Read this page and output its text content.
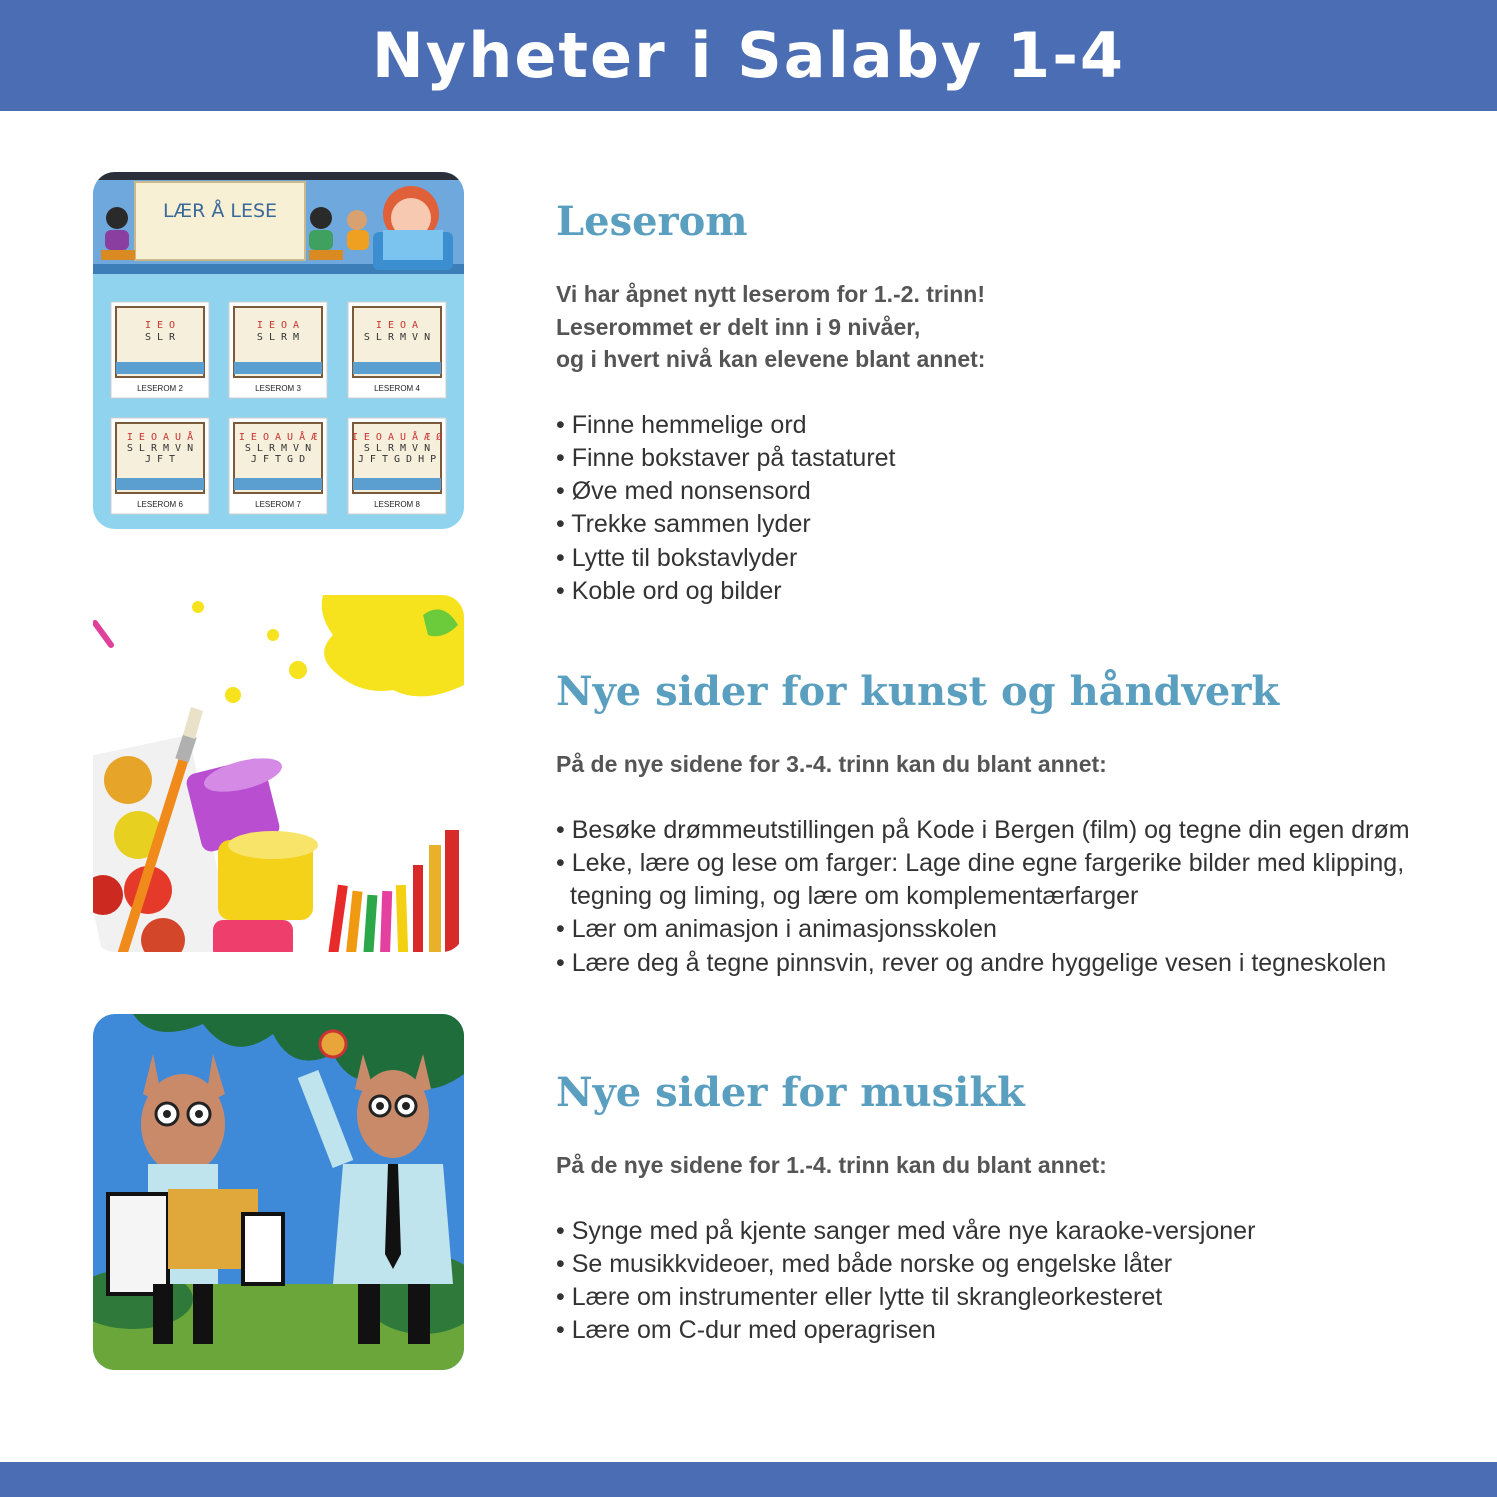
Nyheter i Salaby 1-4
LÆR Å LESE
I E O
S L R
LESEROM 2
I E O A
S L R M
LESEROM 3
I E O A
S L R M V N
LESEROM 4
I E O A U Å
S L R M V N
J F T
LESEROM 6
I E O A U Å Æ
S L R M V N
J F T G D
LESEROM 7
I E O A U Å Æ Ø
S L R M V N
J F T G D H P
LESEROM 8
Leserom

Vi har åpnet nytt leserom for 1.-2. trinn!

Leserommet er delt inn i 9 nivåer,

og i hvert nivå kan elevene blant annet:

• Finne hemmelige ord
• Finne bokstaver på tastaturet
• Øve med nonsensord
• Trekke sammen lyder
• Lytte til bokstavlyder
• Koble ord og bilder
Nye sider for kunst og håndverk

På de nye sidene for 3.-4. trinn kan du blant annet:

• Besøke drømmeutstillingen på Kode i Bergen (film) og tegne din egen drøm
• Leke, lære og lese om farger: Lage dine egne fargerike bilder med klipping, tegning og liming, og lære om komplementærfarger
• Lær om animasjon i animasjonsskolen
• Lære deg å tegne pinnsvin, rever og andre hyggelige vesen i tegneskolen
Nye sider for musikk

På de nye sidene for 1.-4. trinn kan du blant annet:

• Synge med på kjente sanger med våre nye karaoke-versjoner
• Se musikkvideoer, med både norske og engelske låter
• Lære om instrumenter eller lytte til skrangleorkesteret
• Lære om C-dur med operagrisen
